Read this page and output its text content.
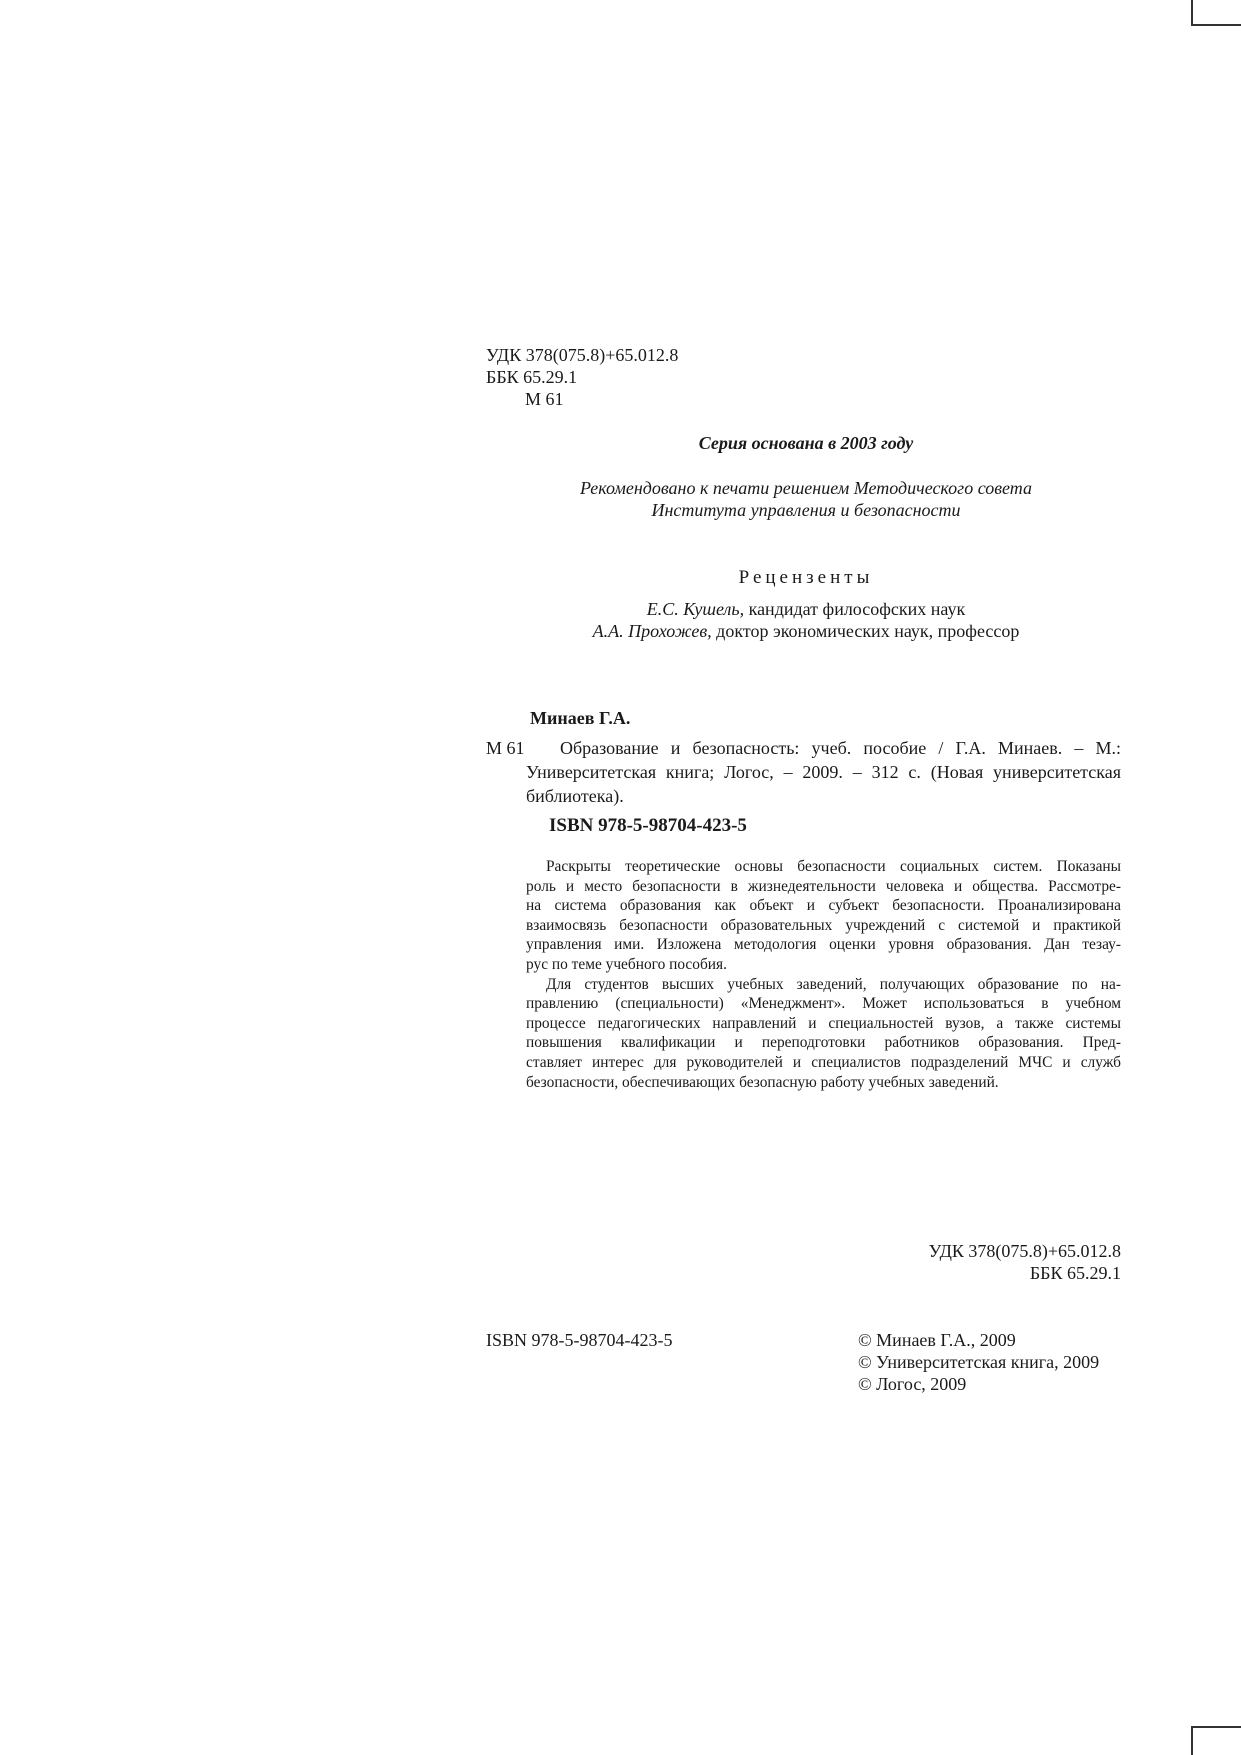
УДК 378(075.8)+65.012.8
ББК 65.29.1
М 61
Серия основана в 2003 году
Рекомендовано к печати решением Методического совета
Института управления и безопасности
Рецензенты
Е.С. Кушель, кандидат философских наук
А.А. Прохожев, доктор экономических наук, профессор
Минаев Г.А.
М 61 Образование и безопасность: учеб. пособие / Г.А. Минаев. – М.:
Университетская книга; Логос, – 2009. – 312 с. (Новая университетская
библиотека).
ISBN 978-5-98704-423-5
Раскрыты теоретические основы безопасности социальных систем. Показаны
роль и место безопасности в жизнедеятельности человека и общества. Рассмотре-
на система образования как объект и субъект безопасности. Проанализирована
взаимосвязь безопасности образовательных учреждений с системой и практикой
управления ими. Изложена методология оценки уровня образования. Дан тезау-
рус по теме учебного пособия.
Для студентов высших учебных заведений, получающих образование по на-
правлению (специальности) «Менеджмент». Может использоваться в учебном
процессе педагогических направлений и специальностей вузов, а также системы
повышения квалификации и переподготовки работников образования. Пред-
ставляет интерес для руководителей и специалистов подразделений МЧС и служб
безопасности, обеспечивающих безопасную работу учебных заведений.
УДК 378(075.8)+65.012.8
ББК 65.29.1
ISBN 978-5-98704-423-5	© Минаев Г.А., 2009
© Университетская книга, 2009
© Логос, 2009
